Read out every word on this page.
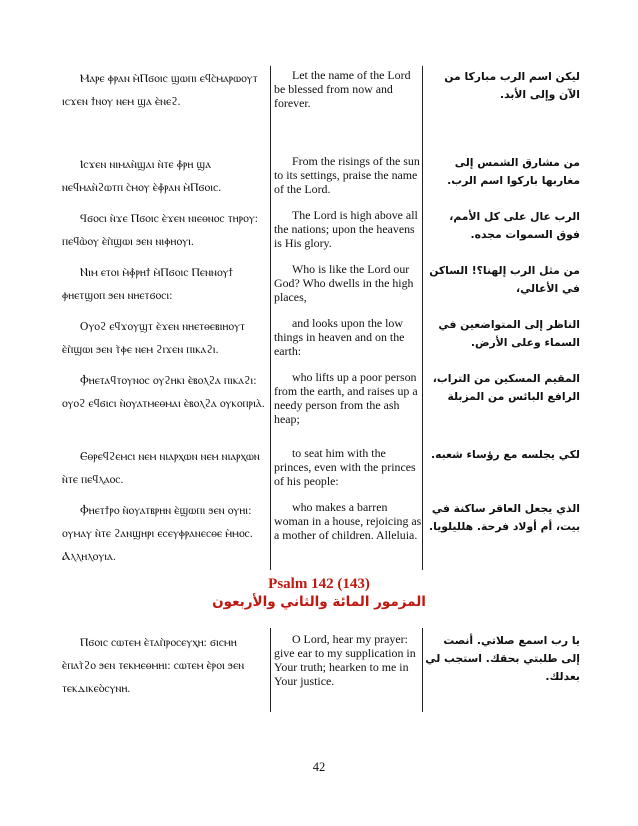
Ⲙⲁⲣⲉ ⲫⲣⲁⲛ ⲙ̀Ⲡϭⲟⲓⲥ ϣⲱⲡⲓ ⲉϥⲥ̀ⲙⲁⲣⲱⲟⲩⲧ ⲓⲥϫⲉⲛ ϯⲛⲟⲩ ⲛⲉⲙ ϣⲁ ⲉ̀ⲛⲉϩ.
Let the name of the Lord be blessed from now and forever.
ليكن اسم الرب مباركا من الآن وإلى الأبد.
Ⲓⲥϫⲉⲛ ⲛⲓⲙⲁⲛ̀ϣⲁⲓ ⲛ̀ⲧⲉ ⲫ̀ⲣⲏ ϣⲁ ⲛⲉϥⲙⲁⲛ̀ϩⲱⲧⲡ ⲥ̀ⲙⲟⲩ ⲉ̀ⲫ̀ⲣⲁⲛ ⲙ̀Ⲡϭⲟⲓⲥ.
From the risings of the sun to its settings, praise the name of the Lord.
من مشارق الشمس إلى مغاربها باركوا اسم الرب.
Ϥϭⲟⲥⲓ ⲛ̀ϫⲉ Ⲡϭⲟⲓⲥ ⲉ̀ϫⲉⲛ ⲛⲓⲉⲑⲛⲟⲥ ⲧⲏⲣⲟⲩ: ⲡⲉϥⲱ̀ⲟⲩ ⲉ̀ⲡ̀ϣⲱⲓ ϧⲉⲛ ⲛⲓⲫⲏⲟⲩⲓ.
The Lord is high above all the nations; upon the heavens is His glory.
الرب عال على كل الأمم، فوق السموات مجده.
Ⲛⲓⲙ ⲉⲧⲟⲓ ⲙ̀ⲫ̀ⲣⲏϯ ⲙ̀Ⲡϭⲟⲓⲥ Ⲡⲉⲛⲛⲟⲩϯ ⲫⲏⲉⲧϣⲟⲡ ϧⲉⲛ ⲛⲏⲉⲧϭⲟⲥⲓ:
Who is like the Lord our God? Who dwells in the high places,
من مثل الرب إلهنا؟! الساكن في الأعالي،
Ⲟⲩⲟϩ ⲉϥϫⲟⲩϣⲧ ⲉ̀ϫⲉⲛ ⲛⲏⲉⲧⲑⲉⲃⲓⲏⲟⲩⲧ ⲉ̀ⲡ̀ϣⲱⲓ ϧⲉⲛ ⲧ̀ⲫⲉ ⲛⲉⲙ ϩⲓϫⲉⲛ ⲡⲓⲕⲁϩⲓ.
and looks upon the low things in heaven and on the earth:
الناظر إلى المتواضعين في السماء وعلى الأرض.
Ⲫⲏⲉⲧⲁϥⲧⲟⲩⲛⲟⲥ ⲟⲩϩⲏⲕⲓ ⲉ̀ⲃⲟⲗϩⲁ ⲡⲓⲕⲁϩⲓ: ⲟⲩⲟϩ ⲉϥϭⲓⲥⲓ ⲛ̀ⲟⲩⲁⲧⲙⲉⲑⲙⲁⲓ ⲉ̀ⲃⲟⲗϩⲁ ⲟⲩⲕⲟⲡⲣⲓⲁ̀.
who lifts up a poor person from the earth, and raises up a needy person from the ash heap;
المقيم المسكين من التراب، الرافع البائس من المزبلة
Ⲉⲑⲣⲉϥϩⲉⲙⲥⲓ ⲛⲉⲙ ⲛⲓⲁⲣⲭⲱⲛ ⲛⲉⲙ ⲛⲓⲁⲣⲭⲱⲛ ⲛ̀ⲧⲉ ⲡⲉϥⲗⲁⲟⲥ.
to seat him with the princes, even with the princes of his people:
لكي يجلسه مع رؤساء شعبه.
Ⲫⲏⲉⲧϯⲣⲟ ⲛ̀ⲟⲩⲁⲧⲃⲣⲏⲛ ⲉ̀ϣⲱⲡⲓ ϧⲉⲛ ⲟⲩⲏⲓ: ⲟⲩⲙⲁⲩ ⲛ̀ⲧⲉ ϩⲁⲛϣⲏⲣⲓ ⲉⲥⲉⲩⲫⲣⲁⲛⲉⲥⲑⲉ ⲙ̀ⲙⲟⲥ. Ⲁⲗⲗⲏⲗⲟⲩⲓⲁ.
who makes a barren woman in a house, rejoicing as a mother of children. Alleluia.
الذي يجعل العاقر ساكنة في بيت، أم أولاد فرحة. هلليلويا.
Psalm 142 (143)
المزمور المائة والثاني والأربعون
Ⲡϭⲟⲓⲥ ⲥⲱⲧⲉⲙ ⲉ̀ⲧⲁⲡ̀ⲣⲟⲥⲉⲩⲭⲏ: ϭⲓⲥⲙⲏ ⲉ̀ⲡⲁⲧ̀ϩⲟ ϧⲉⲛ ⲧⲉⲕⲙⲉⲑⲙⲏⲓ: ⲥⲱⲧⲉⲙ ⲉ̀ⲣⲟⲓ ϧⲉⲛ ⲧⲉⲕⲇⲓⲕⲉⲟ̀ⲥⲩⲛⲏ.
O Lord, hear my prayer: give ear to my supplication in Your truth; hearken to me in Your justice.
يا رب اسمع صلاتي. أنصت إلى طلبتي بحقك. استجب لي بعدلك.
42
